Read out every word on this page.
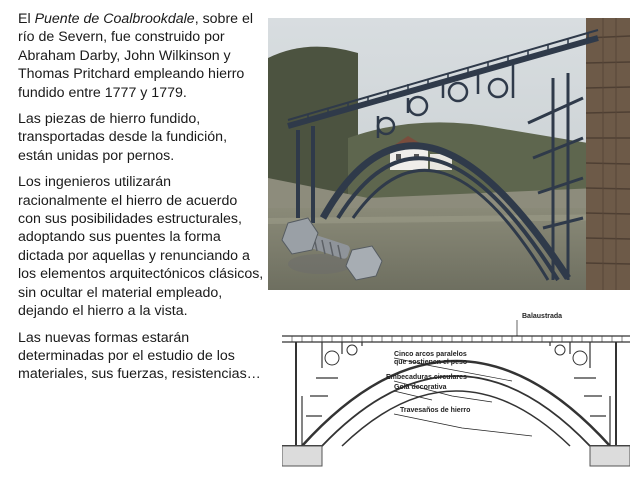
El Puente de Coalbrookdale, sobre el río de Severn, fue construido por Abraham Darby, John Wilkinson y Thomas Pritchard empleando hierro fundido entre 1777 y 1779.

Las piezas de hierro fundido, transportadas desde la fundición, están unidas por pernos.

Los ingenieros utilizarán racionalmente el hierro de acuerdo con sus posibilidades estructurales, adoptando sus puentes la forma dictada por aquellas y renunciando a los elementos arquitectónicos clásicos, sin ocultar el material empleado, dejando el hierro a la vista.

Las nuevas formas estarán determinadas por el estudio de los materiales, sus fuerzas, resistencias…

Balaustrada
Cinco arcos paralelos
que sostienen el peso
Embecaduras circulares
Gola decorativa
Travesaños de hierro
